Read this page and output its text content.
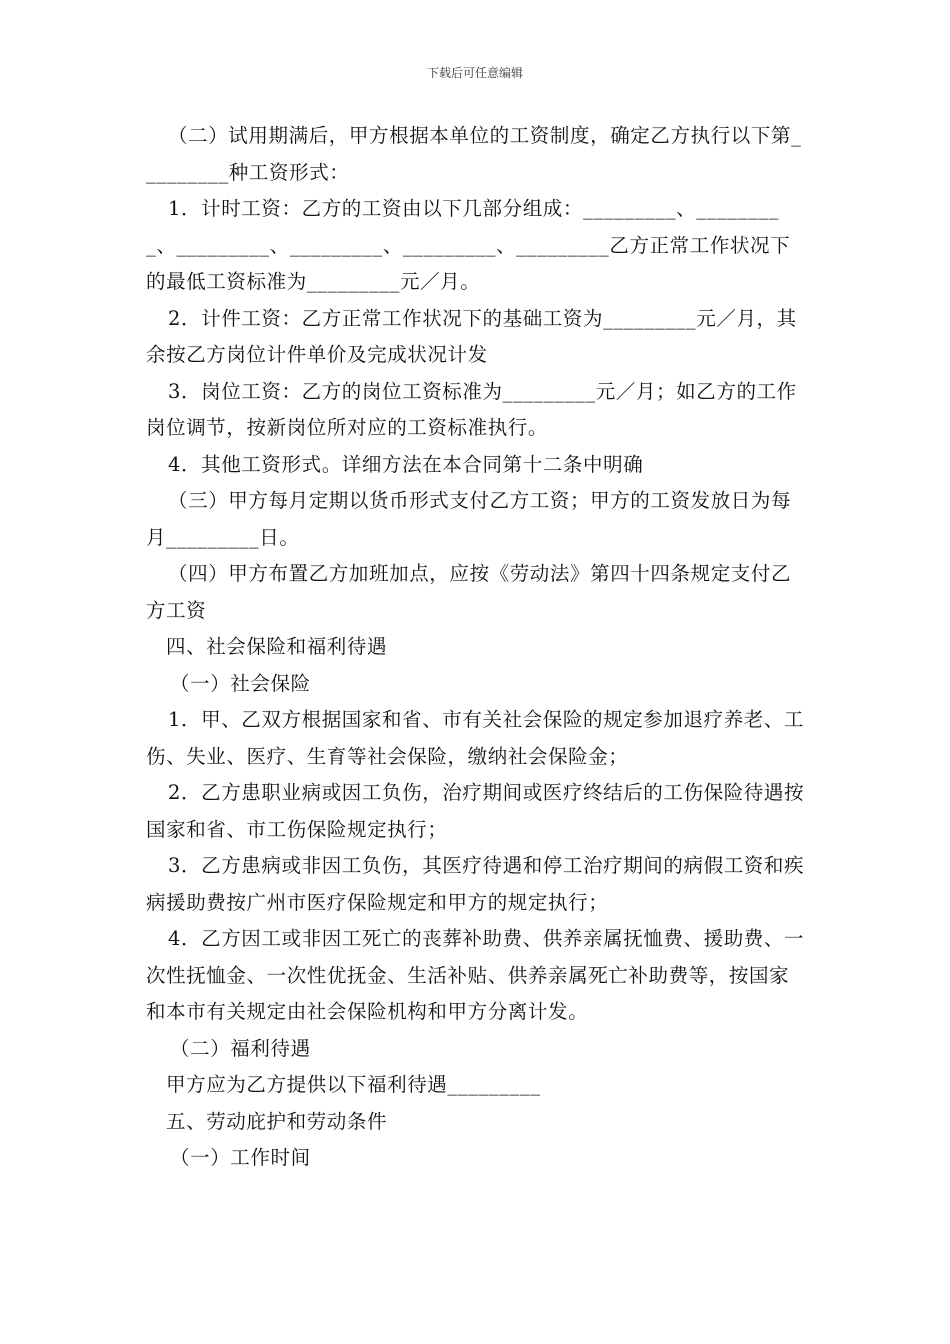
下载后可任意编辑

（二）试用期满后，甲方根据本单位的工资制度，确定乙方执行以下第_________种工资形式：

1．计时工资：乙方的工资由以下几部分组成：_________、_________、_________、_________、_________、_________乙方正常工作状况下的最低工资标准为_________元／月。

2．计件工资：乙方正常工作状况下的基础工资为_________元／月，其余按乙方岗位计件单价及完成状况计发

3．岗位工资：乙方的岗位工资标准为_________元／月；如乙方的工作岗位调节，按新岗位所对应的工资标准执行。

4．其他工资形式。详细方法在本合同第十二条中明确

（三）甲方每月定期以货币形式支付乙方工资；甲方的工资发放日为每月_________日。

（四）甲方布置乙方加班加点，应按《劳动法》第四十四条规定支付乙方工资

四、社会保险和福利待遇

（一）社会保险

1．甲、乙双方根据国家和省、市有关社会保险的规定参加退疗养老、工伤、失业、医疗、生育等社会保险，缴纳社会保险金；

2．乙方患职业病或因工负伤，治疗期间或医疗终结后的工伤保险待遇按国家和省、市工伤保险规定执行；

3．乙方患病或非因工负伤，其医疗待遇和停工治疗期间的病假工资和疾病援助费按广州市医疗保险规定和甲方的规定执行；

4．乙方因工或非因工死亡的丧葬补助费、供养亲属抚恤费、援助费、一次性抚恤金、一次性优抚金、生活补贴、供养亲属死亡补助费等，按国家和本市有关规定由社会保险机构和甲方分离计发。

（二）福利待遇

甲方应为乙方提供以下福利待遇_________

五、劳动庇护和劳动条件

（一）工作时间
